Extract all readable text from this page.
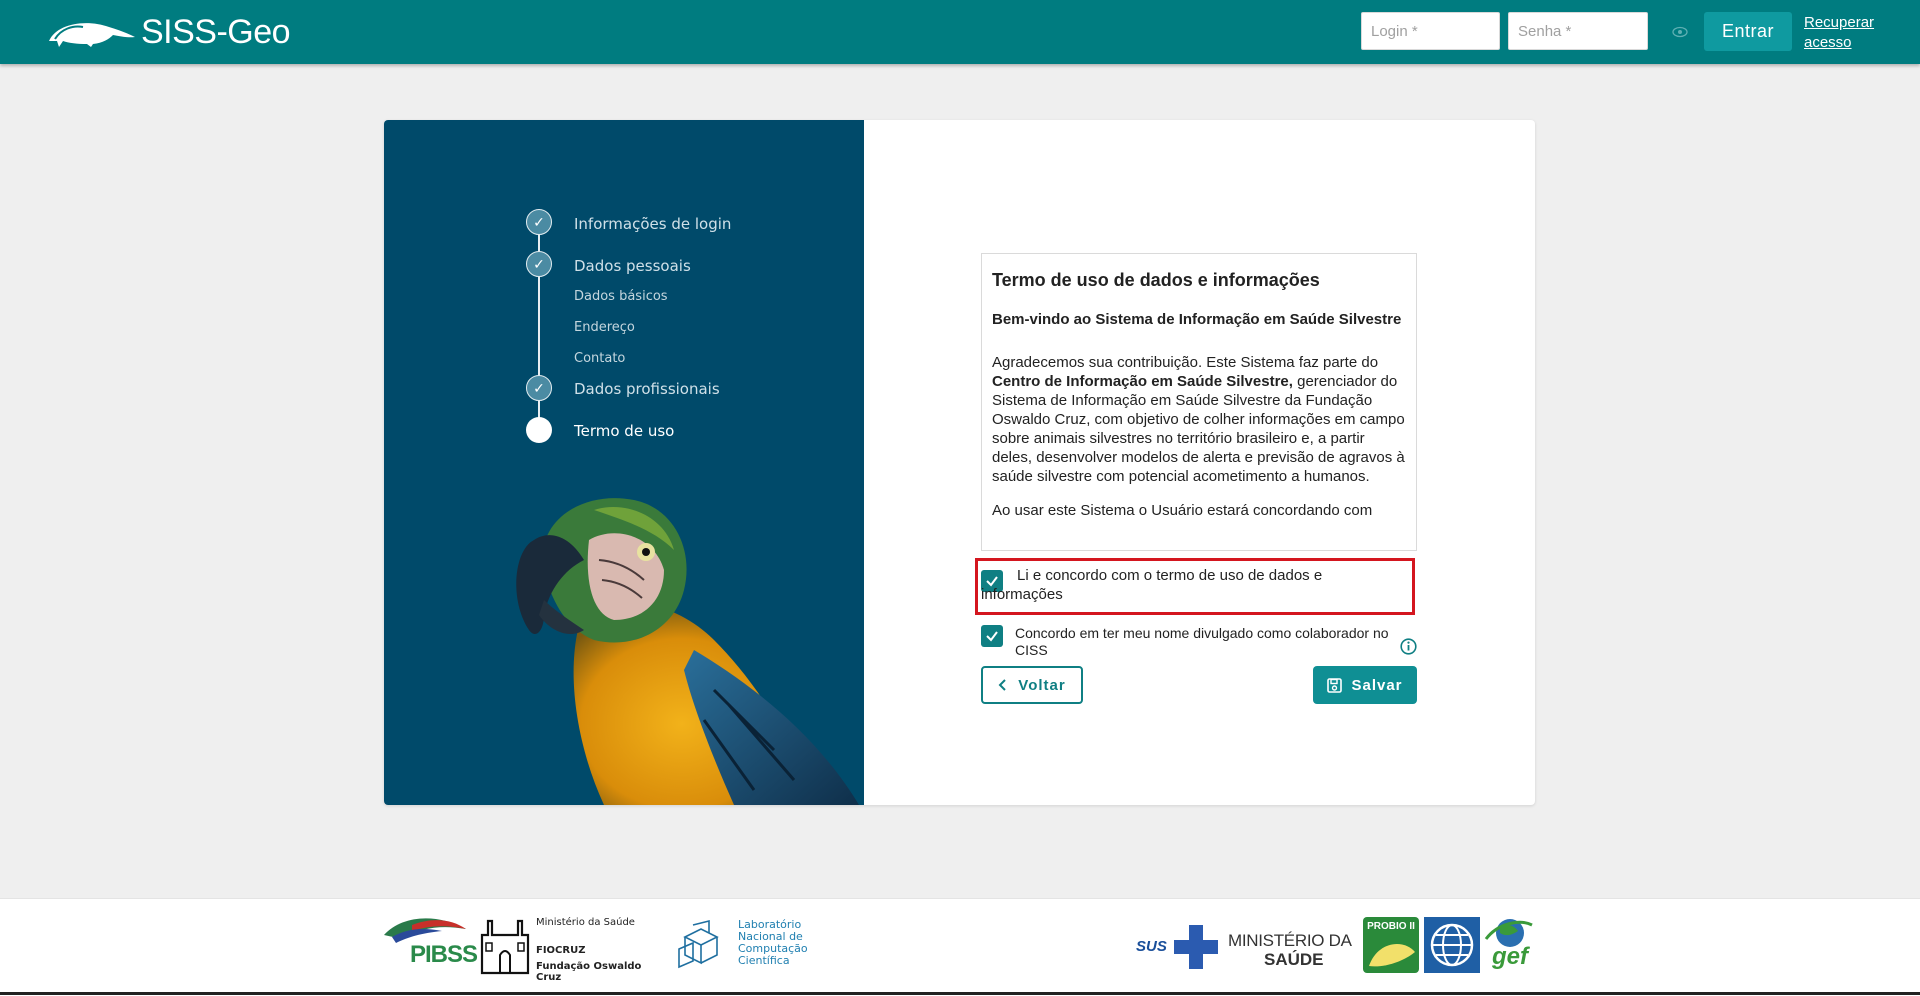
SISS-Geo
Login *	Entrar	Recuperar acesso
✓	Informações de login
✓	Dados pessoais
Dados básicos
Endereço
Contato
✓	Dados profissionais
Termo de uso
Termo de uso de dados e informações
Bem-vindo ao Sistema de Informação em Saúde Silvestre

Agradecemos sua contribuição. Este Sistema faz parte do Centro de Informação em Saúde Silvestre, gerenciador do Sistema de Informação em Saúde Silvestre da Fundação Oswaldo Cruz, com objetivo de colher informações em campo sobre animais silvestres no território brasileiro e, a partir deles, desenvolver modelos de alerta e previsão de agravos à saúde silvestre com potencial acometimento a humanos.

Ao usar este Sistema o Usuário estará concordando com

Li e concordo com o termo de uso de dados e informações
Concordo em ter meu nome divulgado como colaborador no CISS
Voltar	Salvar
PIBSS
Ministério da Saúde
FIOCRUZ
Fundação Oswaldo Cruz
Laboratório
Nacional de
Computação
Científica
SUS	MINISTÉRIO DA
SAÚDE
PROBIO II
gef
